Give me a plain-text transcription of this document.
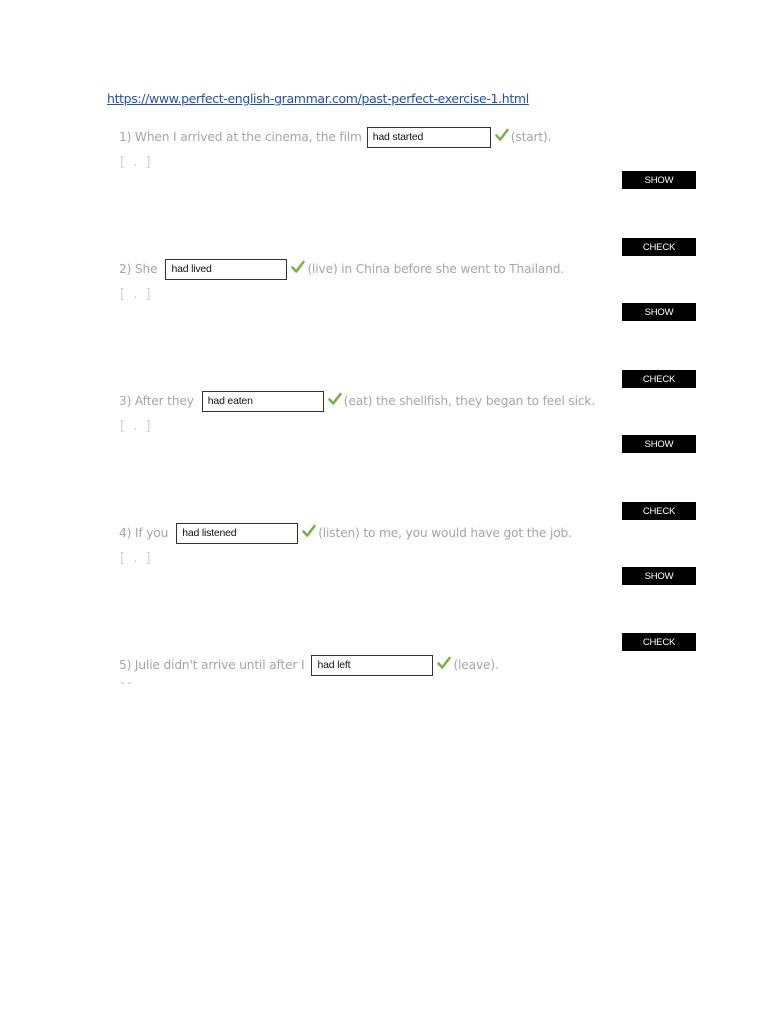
https://www.perfect-english-grammar.com/past-perfect-exercise-1.html
1) When I arrived at the cinema, the film	had started	(start).
[ . ]
SHOW
CHECK
2) She	had lived	(live) in China before she went to Thailand.
[ . ]
SHOW
CHECK
3) After they	had eaten	(eat) the shellfish, they began to feel sick.
[ . ]
SHOW
CHECK
4) If you	had listened	(listen) to me, you would have got the job.
[ . ]
SHOW
CHECK
5) Julie didn't arrive until after I	had left	(leave).
